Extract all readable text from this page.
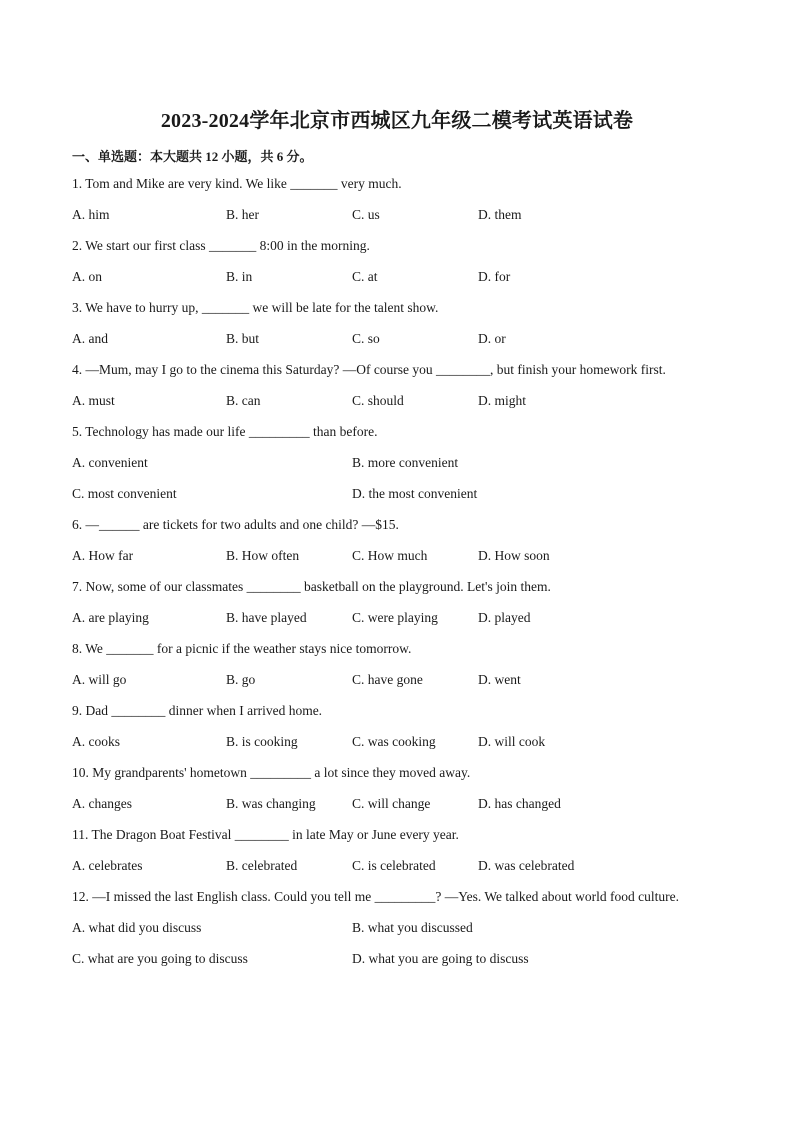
2023-2024学年北京市西城区九年级二模考试英语试卷
一、单选题：本大题共 12 小题，共 6 分。
1. Tom and Mike are very kind. We like _______ very much.
A. him	B. her	C. us	D. them
2. We start our first class _______ 8:00 in the morning.
A. on	B. in	C. at	D. for
3. We have to hurry up, _______ we will be late for the talent show.
A. and	B. but	C. so	D. or
4. —Mum, may I go to the cinema this Saturday? —Of course you ________, but finish your homework first.
A. must	B. can	C. should	D. might
5. Technology has made our life _________ than before.
A. convenient	B. more convenient
C. most convenient	D. the most convenient
6. —______ are tickets for two adults and one child? —$15.
A. How far	B. How often	C. How much	D. How soon
7. Now, some of our classmates ________ basketball on the playground. Let's join them.
A. are playing	B. have played	C. were playing	D. played
8. We _______ for a picnic if the weather stays nice tomorrow.
A. will go	B. go	C. have gone	D. went
9. Dad ________ dinner when I arrived home.
A. cooks	B. is cooking	C. was cooking	D. will cook
10. My grandparents' hometown _________ a lot since they moved away.
A. changes	B. was changing	C. will change	D. has changed
11. The Dragon Boat Festival ________ in late May or June every year.
A. celebrates	B. celebrated	C. is celebrated	D. was celebrated
12. —I missed the last English class. Could you tell me _________? —Yes. We talked about world food culture.
A. what did you discuss	B. what you discussed
C. what are you going to discuss	D. what you are going to discuss
